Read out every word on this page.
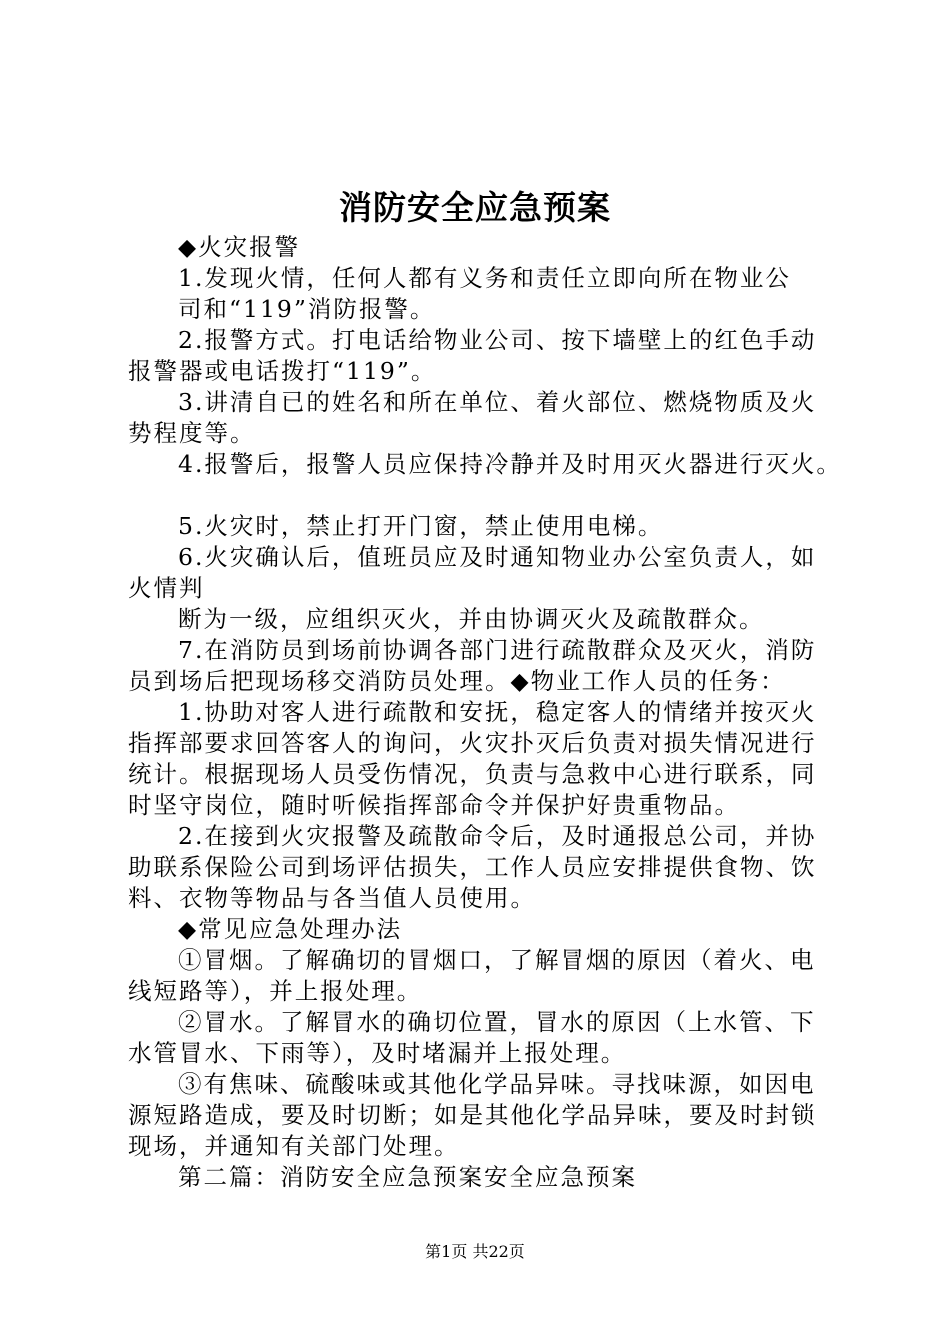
消防安全应急预案
◆火灾报警
1.发现火情，任何人都有义务和责任立即向所在物业公
司和“119”消防报警。
2.报警方式。打电话给物业公司、按下墙壁上的红色手动
报警器或电话拨打“119”。
3.讲清自已的姓名和所在单位、着火部位、燃烧物质及火
势程度等。
4.报警后，报警人员应保持冷静并及时用灭火器进行灭火。
5.火灾时，禁止打开门窗，禁止使用电梯。
6.火灾确认后，值班员应及时通知物业办公室负责人，如
火情判
断为一级，应组织灭火，并由协调灭火及疏散群众。
7.在消防员到场前协调各部门进行疏散群众及灭火，消防
员到场后把现场移交消防员处理。◆物业工作人员的任务：
1.协助对客人进行疏散和安抚，稳定客人的情绪并按灭火
指挥部要求回答客人的询问，火灾扑灭后负责对损失情况进行
统计。根据现场人员受伤情况，负责与急救中心进行联系，同
时坚守岗位，随时听候指挥部命令并保护好贵重物品。
2.在接到火灾报警及疏散命令后，及时通报总公司，并协
助联系保险公司到场评估损失，工作人员应安排提供食物、饮
料、衣物等物品与各当值人员使用。
◆常见应急处理办法
①冒烟。了解确切的冒烟口，了解冒烟的原因（着火、电
线短路等），并上报处理。
②冒水。了解冒水的确切位置，冒水的原因（上水管、下
水管冒水、下雨等），及时堵漏并上报处理。
③有焦味、硫酸味或其他化学品异味。寻找味源，如因电
源短路造成，要及时切断；如是其他化学品异味，要及时封锁
现场，并通知有关部门处理。
第二篇：消防安全应急预案安全应急预案
第1页 共22页
